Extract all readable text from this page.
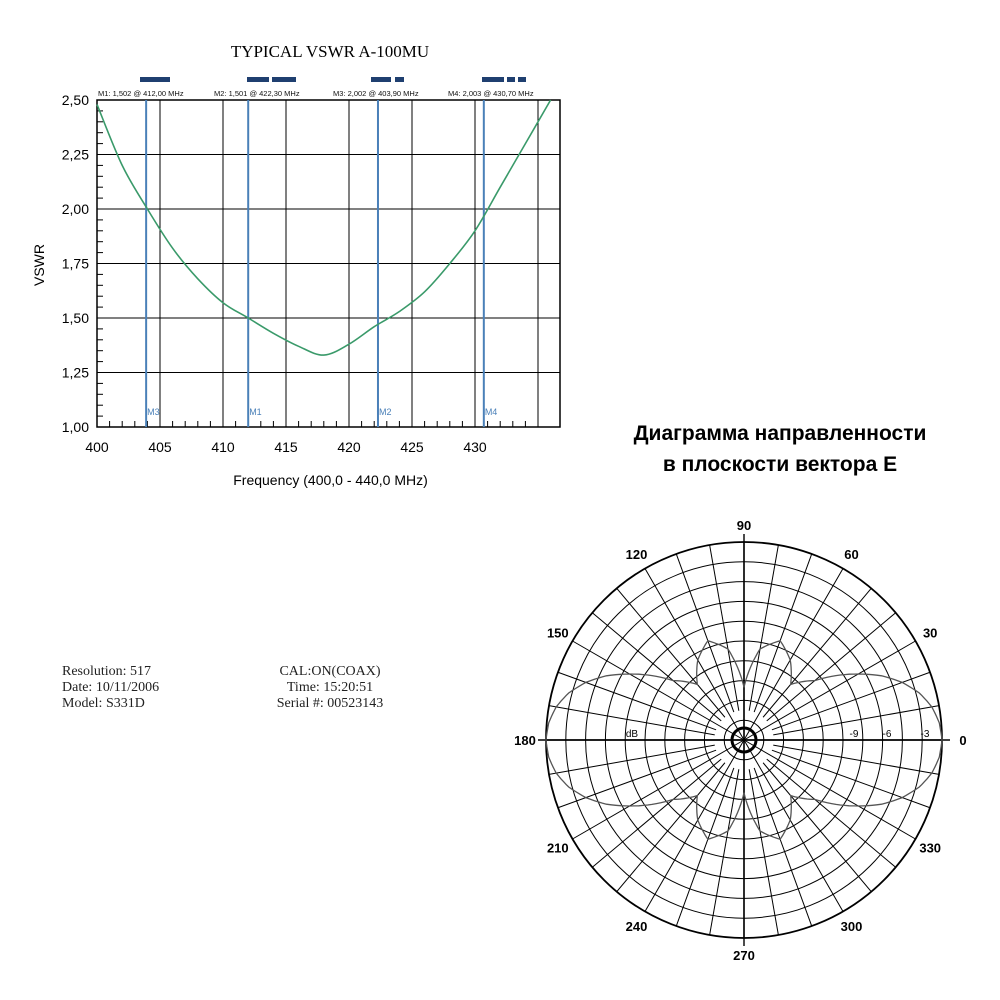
TYPICAL VSWR A-100MU
Диаграмма направленности
в плоскости вектора E
Resolution: 517
Date: 10/11/2006
Model: S331D
CAL:ON(COAX)
Time: 15:20:51
Serial #: 00523143
1,00
1,25
1,50
1,75
2,00
2,25
2,50
400	405	410	415	420	425	430
Frequency (400,0 - 440,0 MHz)
VSWR
M1	M2
M3	M4
M1: 1,502 @ 412,00 MHz	M2: 1,501 @ 422,30 MHz	M3: 2,002 @ 403,90 MHz	M4: 2,003 @ 430,70 MHz
90
120	60
150	30
180	0
210	330
240	300
270
-9 -6	-3
dB
